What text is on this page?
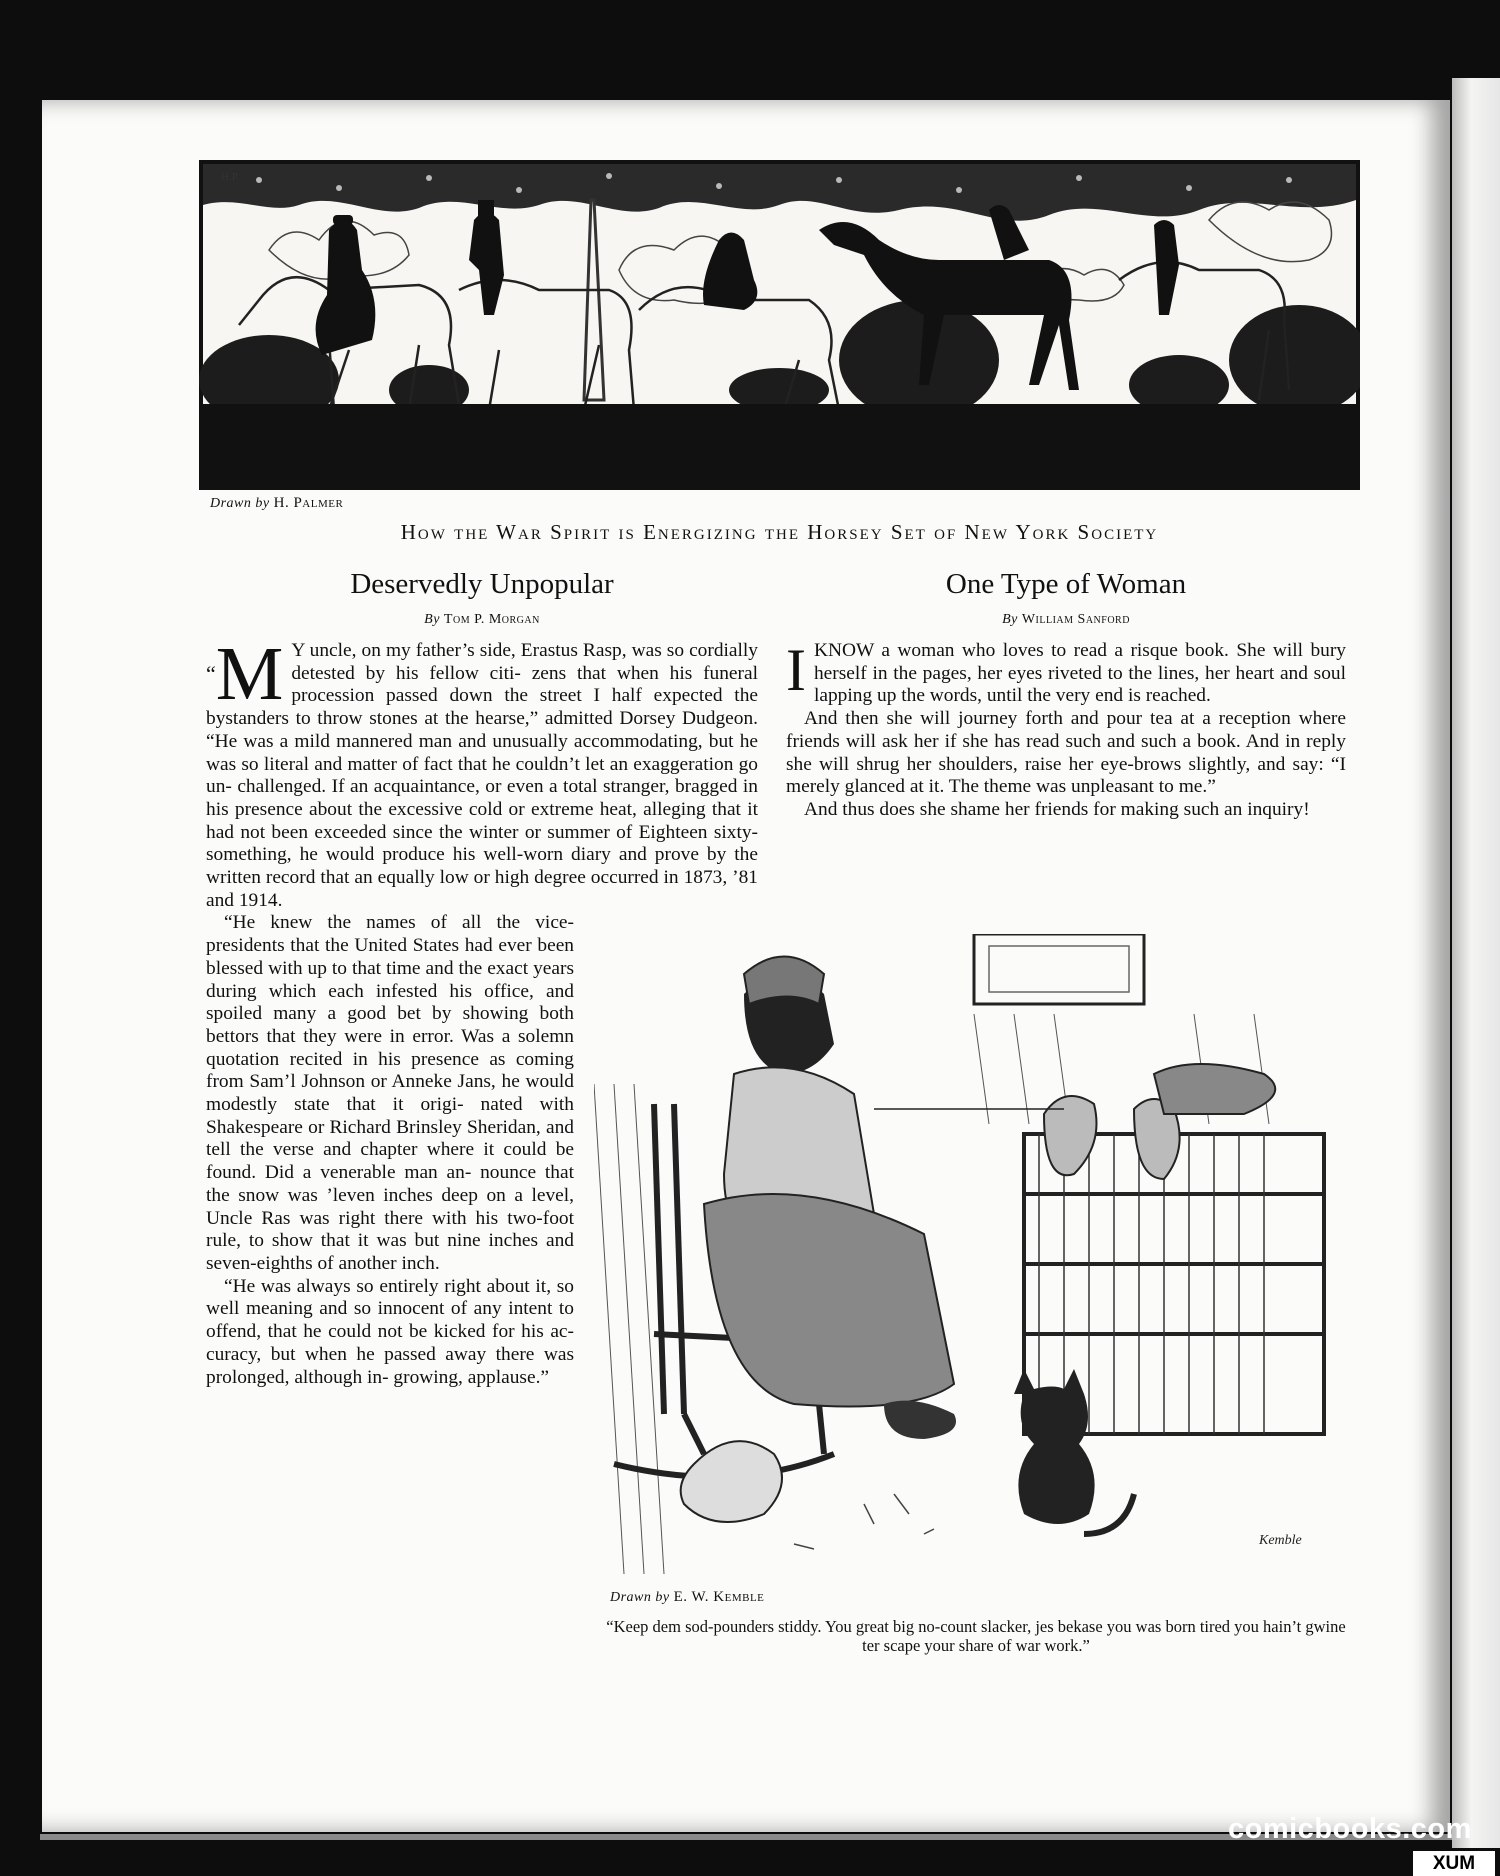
H.P.
Drawn by H. Palmer
How the War Spirit is Energizing the Horsey Set of New York Society
Deservedly Unpopular
By Tom P. Morgan

“M Y uncle, on my father’s side, Erastus Rasp, was so cordially detested by his fellow citi- zens that when his funeral procession passed down the street I half expected the bystanders to throw stones at the hearse,” admitted Dorsey Dudgeon. “He was a mild mannered man and unusually accommodating, but he was so literal and matter of fact that he couldn’t let an exaggeration go un- challenged. If an acquaintance, or even a total stranger, bragged in his presence about the excessive cold or extreme heat, alleging that it had not been exceeded since the winter or summer of Eighteen sixty-something, he would produce his well-worn diary and prove by the written record that an equally low or high degree occurred in 1873, ’81 and 1914.

“He knew the names of all the vice-presidents that the United States had ever been blessed with up to that time and the exact years during which each infested his office, and spoiled many a good bet by showing both bettors that they were in error. Was a solemn quotation recited in his presence as coming from Sam’l Johnson or Anneke Jans, he would modestly state that it origi- nated with Shakespeare or Richard Brinsley Sheridan, and tell the verse and chapter where it could be found. Did a venerable man an- nounce that the snow was ’leven inches deep on a level, Uncle Ras was right there with his two-foot rule, to show that it was but nine inches and seven-eighths of another inch.

“He was always so entirely right about it, so well meaning and so innocent of any intent to offend, that he could not be kicked for his ac- curacy, but when he passed away there was prolonged, although in- growing, applause.”

One Type of Woman
By William Sanford

IKNOW a woman who loves to read a risque book. She will bury herself in the pages, her eyes riveted to the lines, her heart and soul lapping up the words, until the very end is reached.

And then she will journey forth and pour tea at a reception where friends will ask her if she has read such and such a book. And in reply she will shrug her shoulders, raise her eye-brows slightly, and say: “I merely glanced at it. The theme was unpleasant to me.”

And thus does she shame her friends for making such an inquiry!

Kemble
Drawn by E. W. Kemble
“Keep dem sod-pounders stiddy. You great big no-count slacker, jes bekase you was born tired you hain’t gwine ter scape your share of war work.”
comicbooks.com
XUM
